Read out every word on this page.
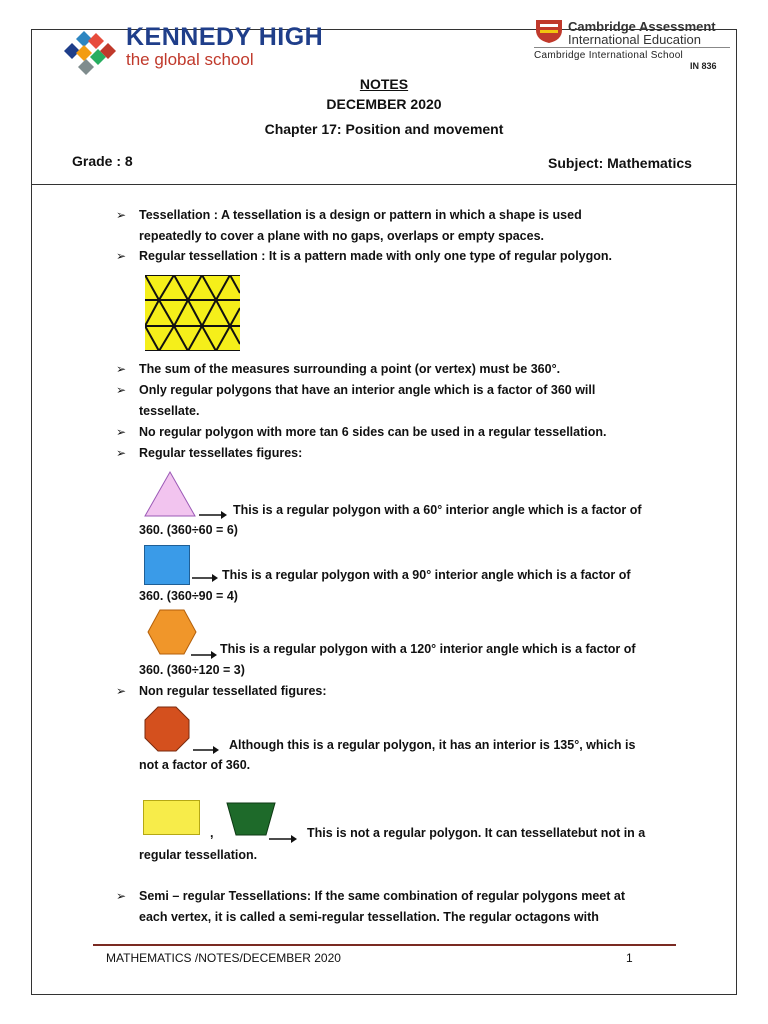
KENNEDY HIGH
the global school
Cambridge Assessment
International Education
Cambridge International School
IN 836
NOTES
DECEMBER 2020
Chapter 17: Position and movement
Grade : 8	Subject: Mathematics
➢ Tessellation : A tessellation is a design or pattern in which a shape is used
repeatedly to cover a plane with no gaps, overlaps or empty spaces.
➢ Regular tessellation : It is a pattern made with only one type of regular polygon.
➢ The sum of the measures surrounding a point (or vertex) must be 360°.
➢ Only regular polygons that have an interior angle which is a factor of 360 will
tessellate.
➢ No regular polygon with more tan 6 sides can be used in a regular tessellation.
➢ Regular tessellates figures:
This is a regular polygon with a 60° interior angle which is a factor of
360. (360÷60 = 6)
This is a regular polygon with a 90° interior angle which is a factor of
360. (360÷90 = 4)
This is a regular polygon with a 120° interior angle which is a factor of
360. (360÷120 = 3)
➢ Non regular tessellated figures:
Although this is a regular polygon, it has an interior is 135°, which is
not a factor of 360.
,	This is not a regular polygon. It can tessellatebut not in a
regular tessellation.
➢ Semi – regular Tessellations: If the same combination of regular polygons meet at
each vertex, it is called a semi-regular tessellation. The regular octagons with
MATHEMATICS /NOTES/DECEMBER 2020	1
